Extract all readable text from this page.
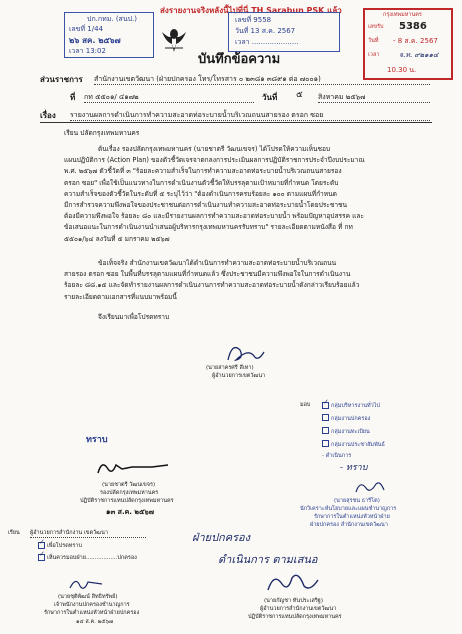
ส่งรายงานจริงหลังนี้ไปที่นี่ TH Sarabun PSK แล้ว
ปก.กทม. (สนป.)
เลขที่ 1/44
๒๖ สค. ๒๕๖๗
เวลา 13:02
เลขที่ 9558
วันที่ 13 ส.ค. 2567
เวลา .....................
กรุงเทพมหานคร
เลขรับ 5386
วันที่ - 8 ส.ค. 2567
เวลา	จ.ท. ๙๒๑๑๔
10.30 น.
บันทึกข้อความ
ส่วนราชการ สำนักงานเขตวัฒนา (ฝ่ายปกครอง โทร/โทรสาร ๐ ๒๓๘๑ ๓๘๙๑ ต่อ ๗๐๐๑)
ที่ กท ๕๕๐๑/ ๔๑๗๒	วันที่ ๕ สิงหาคม ๒๕๖๗
เรื่อง รายงานผลการดำเนินการทำความสะอาดท่อระบายน้ำบริเวณถนนสายรอง ตรอก ซอย
เรียน ปลัดกรุงเทพมหานคร
ต้นเรื่อง รองปลัดกรุงเทพมหานคร (นายชาตรี วัฒนเขจร) ได้โปรดให้ความเห็นชอบ
แผนปฏิบัติการ (Action Plan) ของตัวชี้วัดเจรจาตกลงการประเมินผลการปฏิบัติราชการประจำปีงบประมาณ
พ.ศ. ๒๕๖๗ ตัวชี้วัดที่ ๓ "ร้อยละความสำเร็จในการทำความสะอาดท่อระบายน้ำบริเวณถนนสายรอง
ตรอก ซอย" เพื่อใช้เป็นแนวทางในการดำเนินงานตัวชี้วัดให้บรรลุตามเป้าหมายที่กำหนด โดยระดับ
ความสำเร็จของตัวชี้วัดในระดับที่ ๕ ระบุไว้ว่า "ต้องดำเนินการครบร้อยละ ๑๐๐ ตามแผนที่กำหนด
มีการสำรวจความพึงพอใจของประชาชนต่อการดำเนินงานทำความสะอาดท่อระบายน้ำโดยประชาชน
ต้องมีความพึงพอใจ ร้อยละ ๘๐ และมีรายงานผลการทำความสะอาดท่อระบายน้ำ พร้อมปัญหาอุปสรรค และ
ข้อเสนอแนะในการดำเนินงานนำเสนอผู้บริหารกรุงเทพมหานครรับทราบ" รายละเอียดตามหนังสือ ที่ กท
๕๕๐๑/๖๔ ลงวันที่ ๕ มกราคม ๒๕๖๗
ข้อเท็จจริง สำนักงานเขตวัฒนาได้ดำเนินการทำความสะอาดท่อระบายน้ำบริเวณถนน
สายรอง ตรอก ซอย ในพื้นที่บรรลุตามแผนที่กำหนดแล้ว ซึ่งประชาชนมีความพึงพอใจในการดำเนินงาน
ร้อยละ ๘๘.๑๕ และจัดทำรายงานผลการดำเนินงานการทำความสะอาดท่อระบายน้ำดังกล่าวเรียบร้อยแล้ว
รายละเอียดตามเอกสารที่แนบมาพร้อมนี้
จึงเรียนมาเพื่อโปรดทราบ
(นายสาครศรี สีเทา)
ผู้อำนวยการเขตวัฒนา
มอบ
✓	กลุ่มบริหารงานทั่วไป
กลุ่มงานปกครอง
กลุ่มงานทะเบียน
กลุ่มงานประชาสัมพันธ์
- ดำเนินการ
- ทราบ
(นายสุรชน ธารีโต)
นักวิเคราะห์นโยบายและแผนชำนาญการ
รักษาการในตำแหน่งหัวหน้าฝ่าย
ฝ่ายปกครอง สำนักงานเขตวัฒนา
ทราบ
(นายชาตรี วัฒนเขจร)
รองปลัดกรุงเทพมหานคร
ปฏิบัติราชการแทนปลัดกรุงเทพมหานคร
๑๓ ส.ค. ๒๕๖๗
เรียน ผู้อำนวยการสำนักงาน เขตวัฒนา
✓เพื่อโปรดทราบ
✓เห็นควรมอบฝ่าย..................ปกครอง
(นายชุติพัฒน์ สิทธิทรัพย์)
เจ้าพนักงานปกครองชำนาญการ
รักษาการในตำแหน่งหัวหน้าฝ่ายปกครอง
๑๔ ส.ค. ๒๕๖๗
ฝ่ายปกครอง
ดำเนินการ ตามเสนอ
(นายกัญชา ทันประเสริฐ)
ผู้อำนวยการสำนักงานเขตวัฒนา
ปฏิบัติราชการแทนปลัดกรุงเทพมหานคร
